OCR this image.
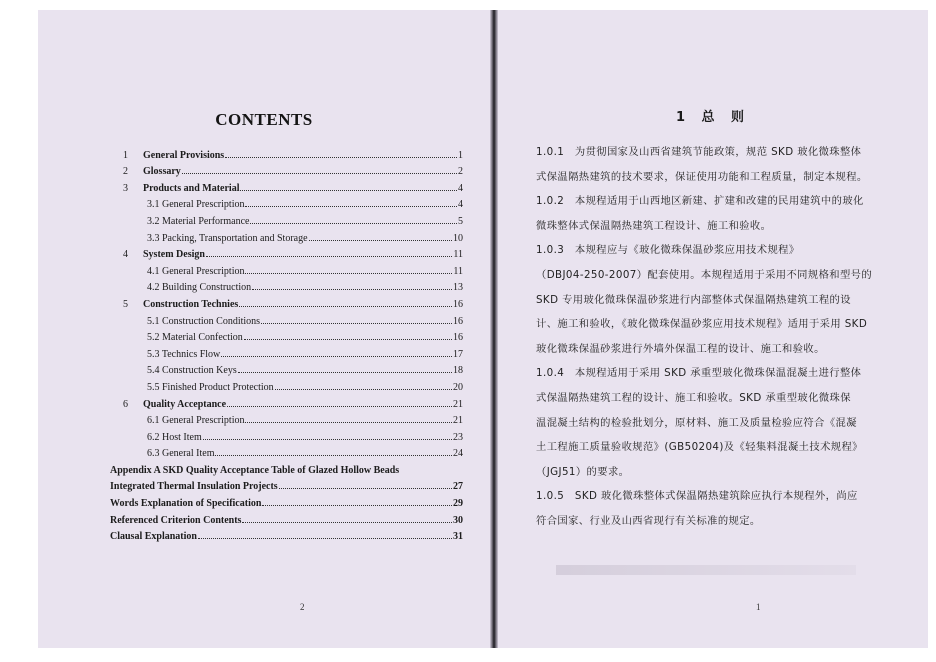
CONTENTS
1	General Provisions	1
2	Glossary	2
3	Products and Material	4
3.1 General Prescription	4
3.2 Material Performance	5
3.3 Packing, Transportation and Storage	10
4	System Design	11
4.1 General Prescription	11
4.2 Building Construction	13
5	Construction Technies	16
5.1 Construction Conditions	16
5.2 Material Confection	16
5.3 Technics Flow	17
5.4 Construction Keys	18
5.5 Finished Product Protection	20
6	Quality Acceptance	21
6.1 General Prescription	21
6.2 Host Item	23
6.3 General Item	24
Appendix A SKD Quality Acceptance Table of Glazed Hollow Beads
Integrated Thermal Insulation Projects	27
Words Explanation of Specification	29
Referenced Criterion Contents	30
Clausal Explanation	31
2
1 总 则
1.0.1　为贯彻国家及山西省建筑节能政策，规范 SKD 玻化微珠整体
式保温隔热建筑的技术要求，保证使用功能和工程质量，制定本规程。
1.0.2　本规程适用于山西地区新建、扩建和改建的民用建筑中的玻化
微珠整体式保温隔热建筑工程设计、施工和验收。
1.0.3　本规程应与《玻化微珠保温砂浆应用技术规程》
（DBJ04-250-2007）配套使用。本规程适用于采用不同规格和型号的
SKD 专用玻化微珠保温砂浆进行内部整体式保温隔热建筑工程的设
计、施工和验收，《玻化微珠保温砂浆应用技术规程》适用于采用 SKD
玻化微珠保温砂浆进行外墙外保温工程的设计、施工和验收。
1.0.4　本规程适用于采用 SKD 承重型玻化微珠保温混凝土进行整体
式保温隔热建筑工程的设计、施工和验收。SKD 承重型玻化微珠保
温混凝土结构的检验批划分，原材料、施工及质量检验应符合《混凝
土工程施工质量验收规范》(GB50204)及《轻集料混凝土技术规程》
（JGJ51）的要求。
1.0.5　SKD 玻化微珠整体式保温隔热建筑除应执行本规程外，尚应
符合国家、行业及山西省现行有关标准的规定。
1
